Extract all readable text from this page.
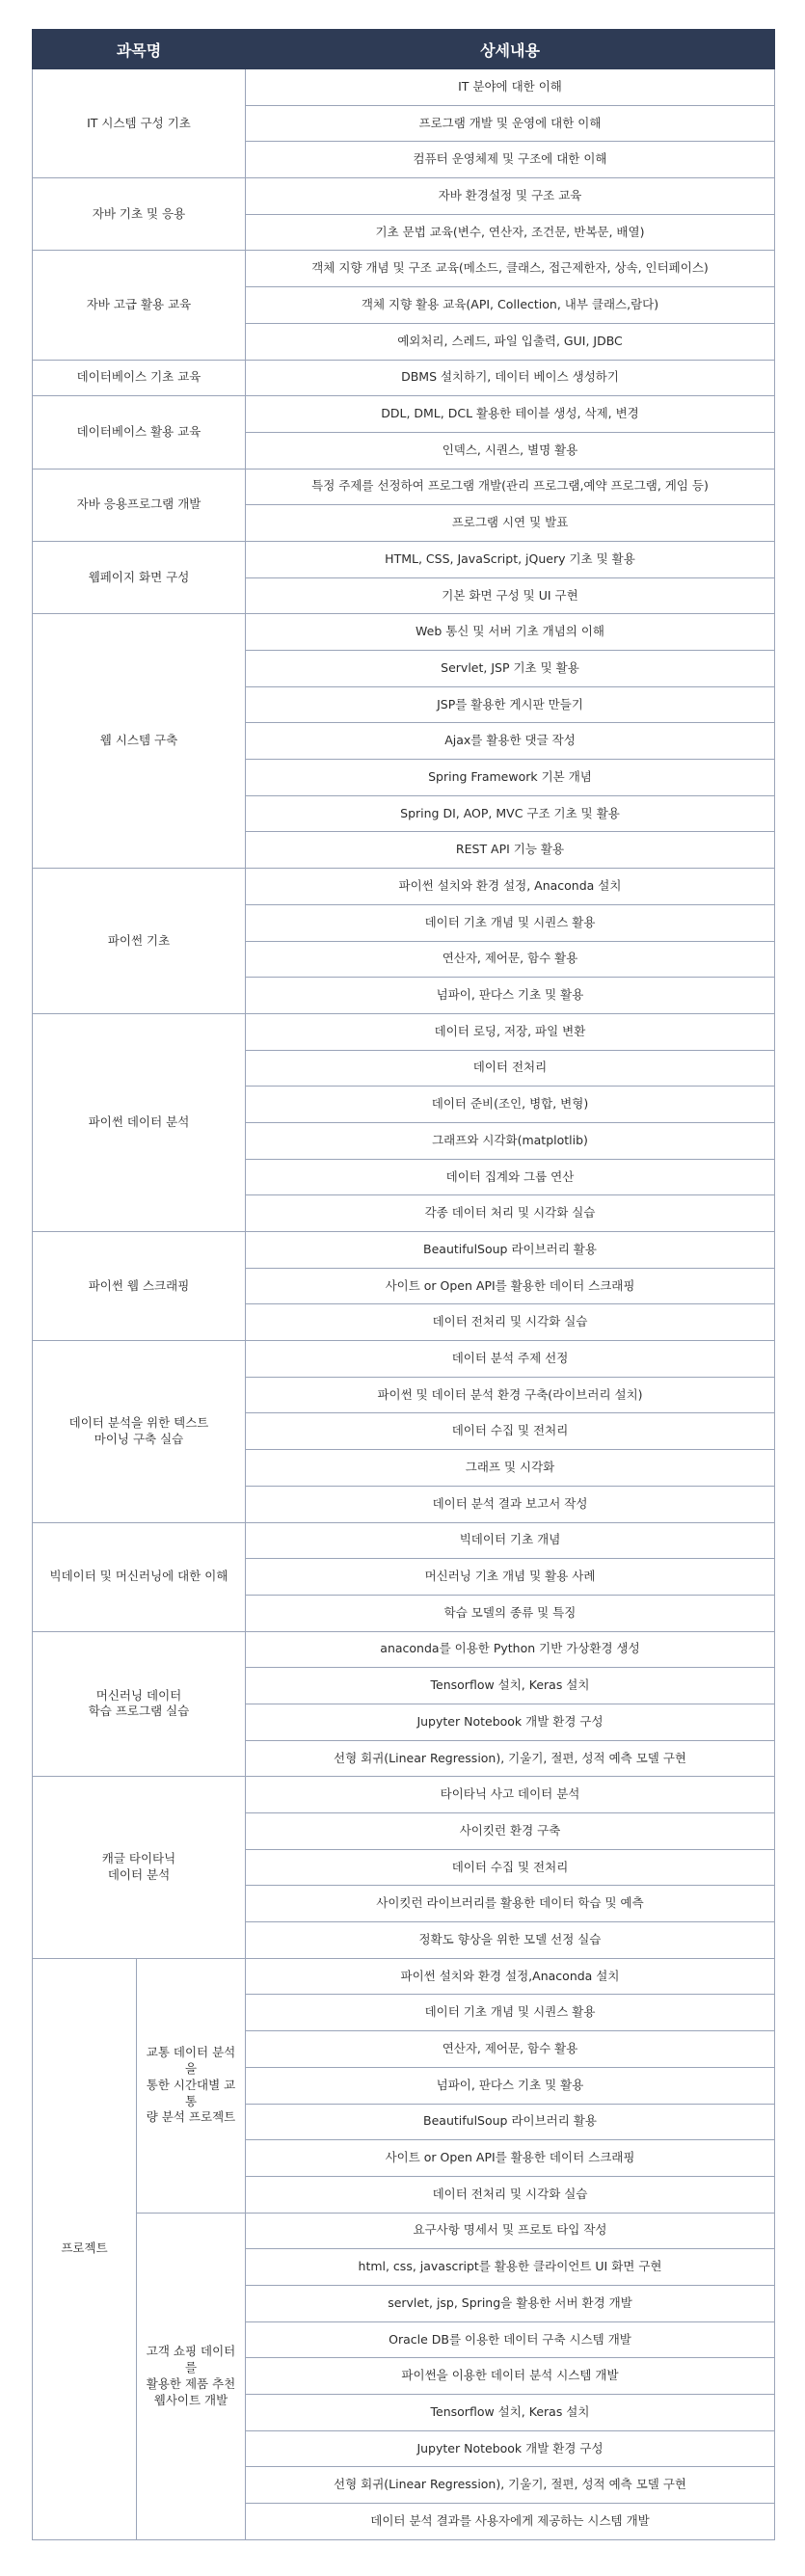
과목명		상세내용
IT 시스템 구성 기초		IT 분야에 대한 이해
		프로그램 개발 및 운영에 대한 이해
		컴퓨터 운영체제 및 구조에 대한 이해
자바 기초 및 응용		자바 환경설정 및 구조 교육
		기초 문법 교육(변수, 연산자, 조건문, 반복문, 배열)
자바 고급 활용 교육		객체 지향 개념 및 구조 교육(메소드, 클래스, 접근제한자, 상속, 인터페이스)
		객체 지향 활용 교육(API, Collection, 내부 클래스,람다)
		예외처리, 스레드, 파일 입출력, GUI, JDBC
데이터베이스 기초 교육		DBMS 설치하기, 데이터 베이스 생성하기
데이터베이스 활용 교육		DDL, DML, DCL 활용한 테이블 생성, 삭제, 변경
		인덱스, 시퀀스, 별명 활용
자바 응용프로그램 개발		특정 주제를 선정하여 프로그램 개발(관리 프로그램,예약 프로그램, 게임 등)
		프로그램 시연 및 발표
웹페이지 화면 구성		HTML, CSS, JavaScript, jQuery 기초 및 활용
		기본 화면 구성 및 UI 구현
웹 시스템 구축		Web 통신 및 서버 기초 개념의 이해
		Servlet, JSP 기초 및 활용
		JSP를 활용한 게시판 만들기
		Ajax를 활용한 댓글 작성
		Spring Framework 기본 개념
		Spring DI, AOP, MVC 구조 기초 및 활용
		REST API 기능 활용
파이썬 기초		파이썬 설치와 환경 설정, Anaconda 설치
		데이터 기초 개념 및 시퀀스 활용
		연산자, 제어문, 함수 활용
		넘파이, 판다스 기초 및 활용
파이썬 데이터 분석		데이터 로딩, 저장, 파일 변환
		데이터 전처리
		데이터 준비(조인, 병합, 변형)
		그래프와 시각화(matplotlib)
		데이터 집계와 그룹 연산
		각종 데이터 처리 및 시각화 실습
파이썬 웹 스크래핑		BeautifulSoup 라이브러리 활용
		사이트 or Open API를 활용한 데이터 스크래핑
		데이터 전처리 및 시각화 실습
데이터 분석을 위한 텍스트
마이닝 구축 실습		데이터 분석 주제 선정
		파이썬 및 데이터 분석 환경 구축(라이브러리 설치)
		데이터 수집 및 전처리
		그래프 및 시각화
		데이터 분석 결과 보고서 작성
빅데이터 및 머신러닝에 대한 이해		빅데이터 기초 개념
		머신러닝 기초 개념 및 활용 사례
		학습 모델의 종류 및 특징
머신러닝 데이터
학습 프로그램 실습		anaconda를 이용한 Python 기반 가상환경 생성
		Tensorflow 설치, Keras 설치
		Jupyter Notebook 개발 환경 구성
		선형 회귀(Linear Regression), 기울기, 절편, 성적 예측 모델 구현
캐글 타이타닉
데이터 분석		타이타닉 사고 데이터 분석
		사이킷런 환경 구축
		데이터 수집 및 전처리
		사이킷런 라이브러리를 활용한 데이터 학습 및 예측
		정확도 향상을 위한 모델 선정 실습
프로젝트	교통 데이터 분석을
통한 시간대별 교통
량 분석 프로젝트	파이썬 설치와 환경 설정,Anaconda 설치
		데이터 기초 개념 및 시퀀스 활용
		연산자, 제어문, 함수 활용
		넘파이, 판다스 기초 및 활용
		BeautifulSoup 라이브러리 활용
		사이트 or Open API를 활용한 데이터 스크래핑
		데이터 전처리 및 시각화 실습
	고객 쇼핑 데이터를
활용한 제품 추천
웹사이트 개발	요구사항 명세서 및 프로토 타입 작성
		html, css, javascript를 활용한 클라이언트 UI 화면 구현
		servlet, jsp, Spring을 활용한 서버 환경 개발
		Oracle DB를 이용한 데이터 구축 시스템 개발
		파이썬을 이용한 데이터 분석 시스템 개발
		Tensorflow 설치, Keras 설치
		Jupyter Notebook 개발 환경 구성
		선형 회귀(Linear Regression), 기울기, 절편, 성적 예측 모델 구현
		데이터 분석 결과를 사용자에게 제공하는 시스템 개발
